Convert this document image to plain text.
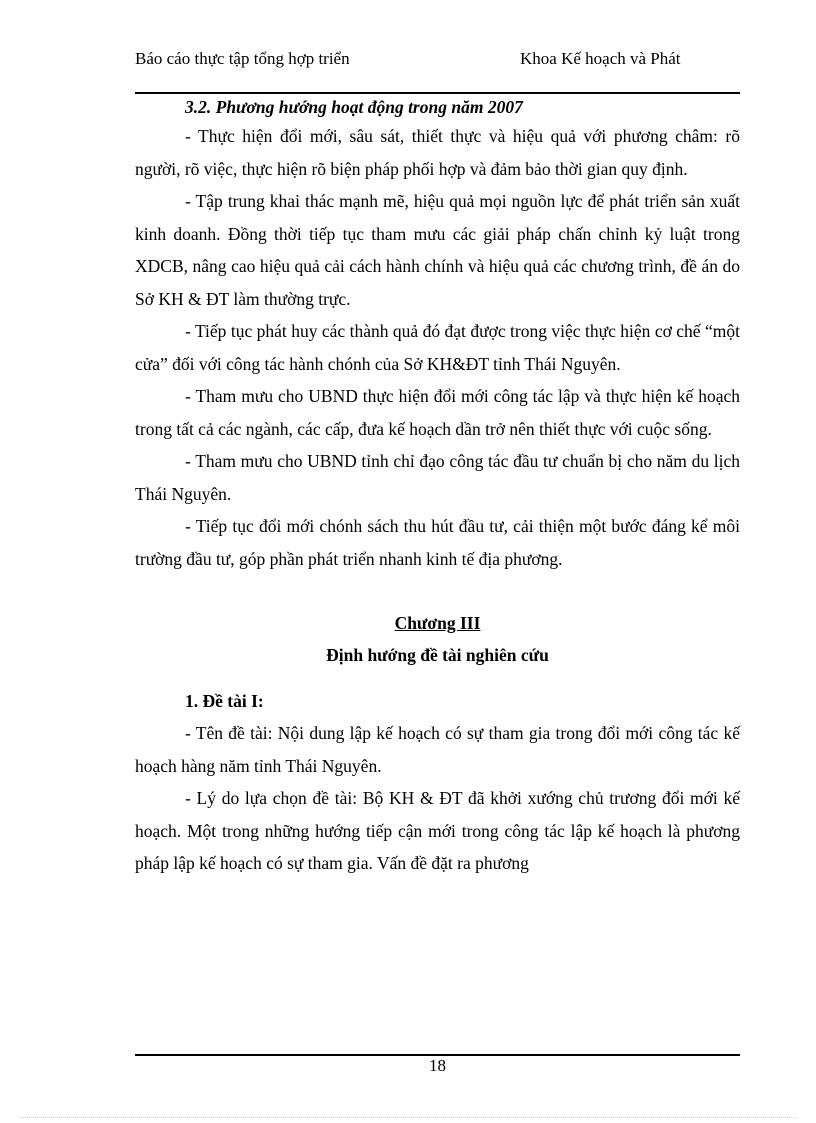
Báo cáo thực tập tổng hợp triển	Khoa Kế hoạch và Phát

3.2. Phương hướng hoạt động trong năm 2007

- Thực hiện đổi mới, sâu sát, thiết thực và hiệu quả với phương châm: rõ người, rõ việc, thực hiện rõ biện pháp phối hợp và đảm bảo thời gian quy định.

- Tập trung khai thác mạnh mẽ, hiệu quả mọi nguồn lực để phát triển sản xuất kinh doanh. Đồng thời tiếp tục tham mưu các giải pháp chấn chỉnh kỷ luật trong XDCB, nâng cao hiệu quả cải cách hành chính và hiệu quả các chương trình, đề án do Sở KH & ĐT làm thường trực.

- Tiếp tục phát huy các thành quả đó đạt được trong việc thực hiện cơ chế “một cửa” đối với công tác hành chónh của Sở KH&ĐT tỉnh Thái Nguyên.

- Tham mưu cho UBND thực hiện đổi mới công tác lập và thực hiện kế hoạch trong tất cả các ngành, các cấp, đưa kế hoạch dần trở nên thiết thực với cuộc sống.

- Tham mưu cho UBND tỉnh chỉ đạo công tác đầu tư chuẩn bị cho năm du lịch Thái Nguyên.

- Tiếp tục đổi mới chónh sách thu hút đầu tư, cải thiện một bước đáng kể môi trường đầu tư, góp phần phát triển nhanh kinh tế địa phương.

Chương III

Định hướng đề tài nghiên cứu

1. Đề tài I:

- Tên đề tài: Nội dung lập kế hoạch có sự tham gia trong đổi mới công tác kế hoạch hàng năm tỉnh Thái Nguyên.

- Lý do lựa chọn đề tài: Bộ KH & ĐT đã khởi xướng chủ trương đổi mới kế hoạch. Một trong những hướng tiếp cận mới trong công tác lập kế hoạch là phương pháp lập kế hoạch có sự tham gia. Vấn đề đặt ra phương

18
